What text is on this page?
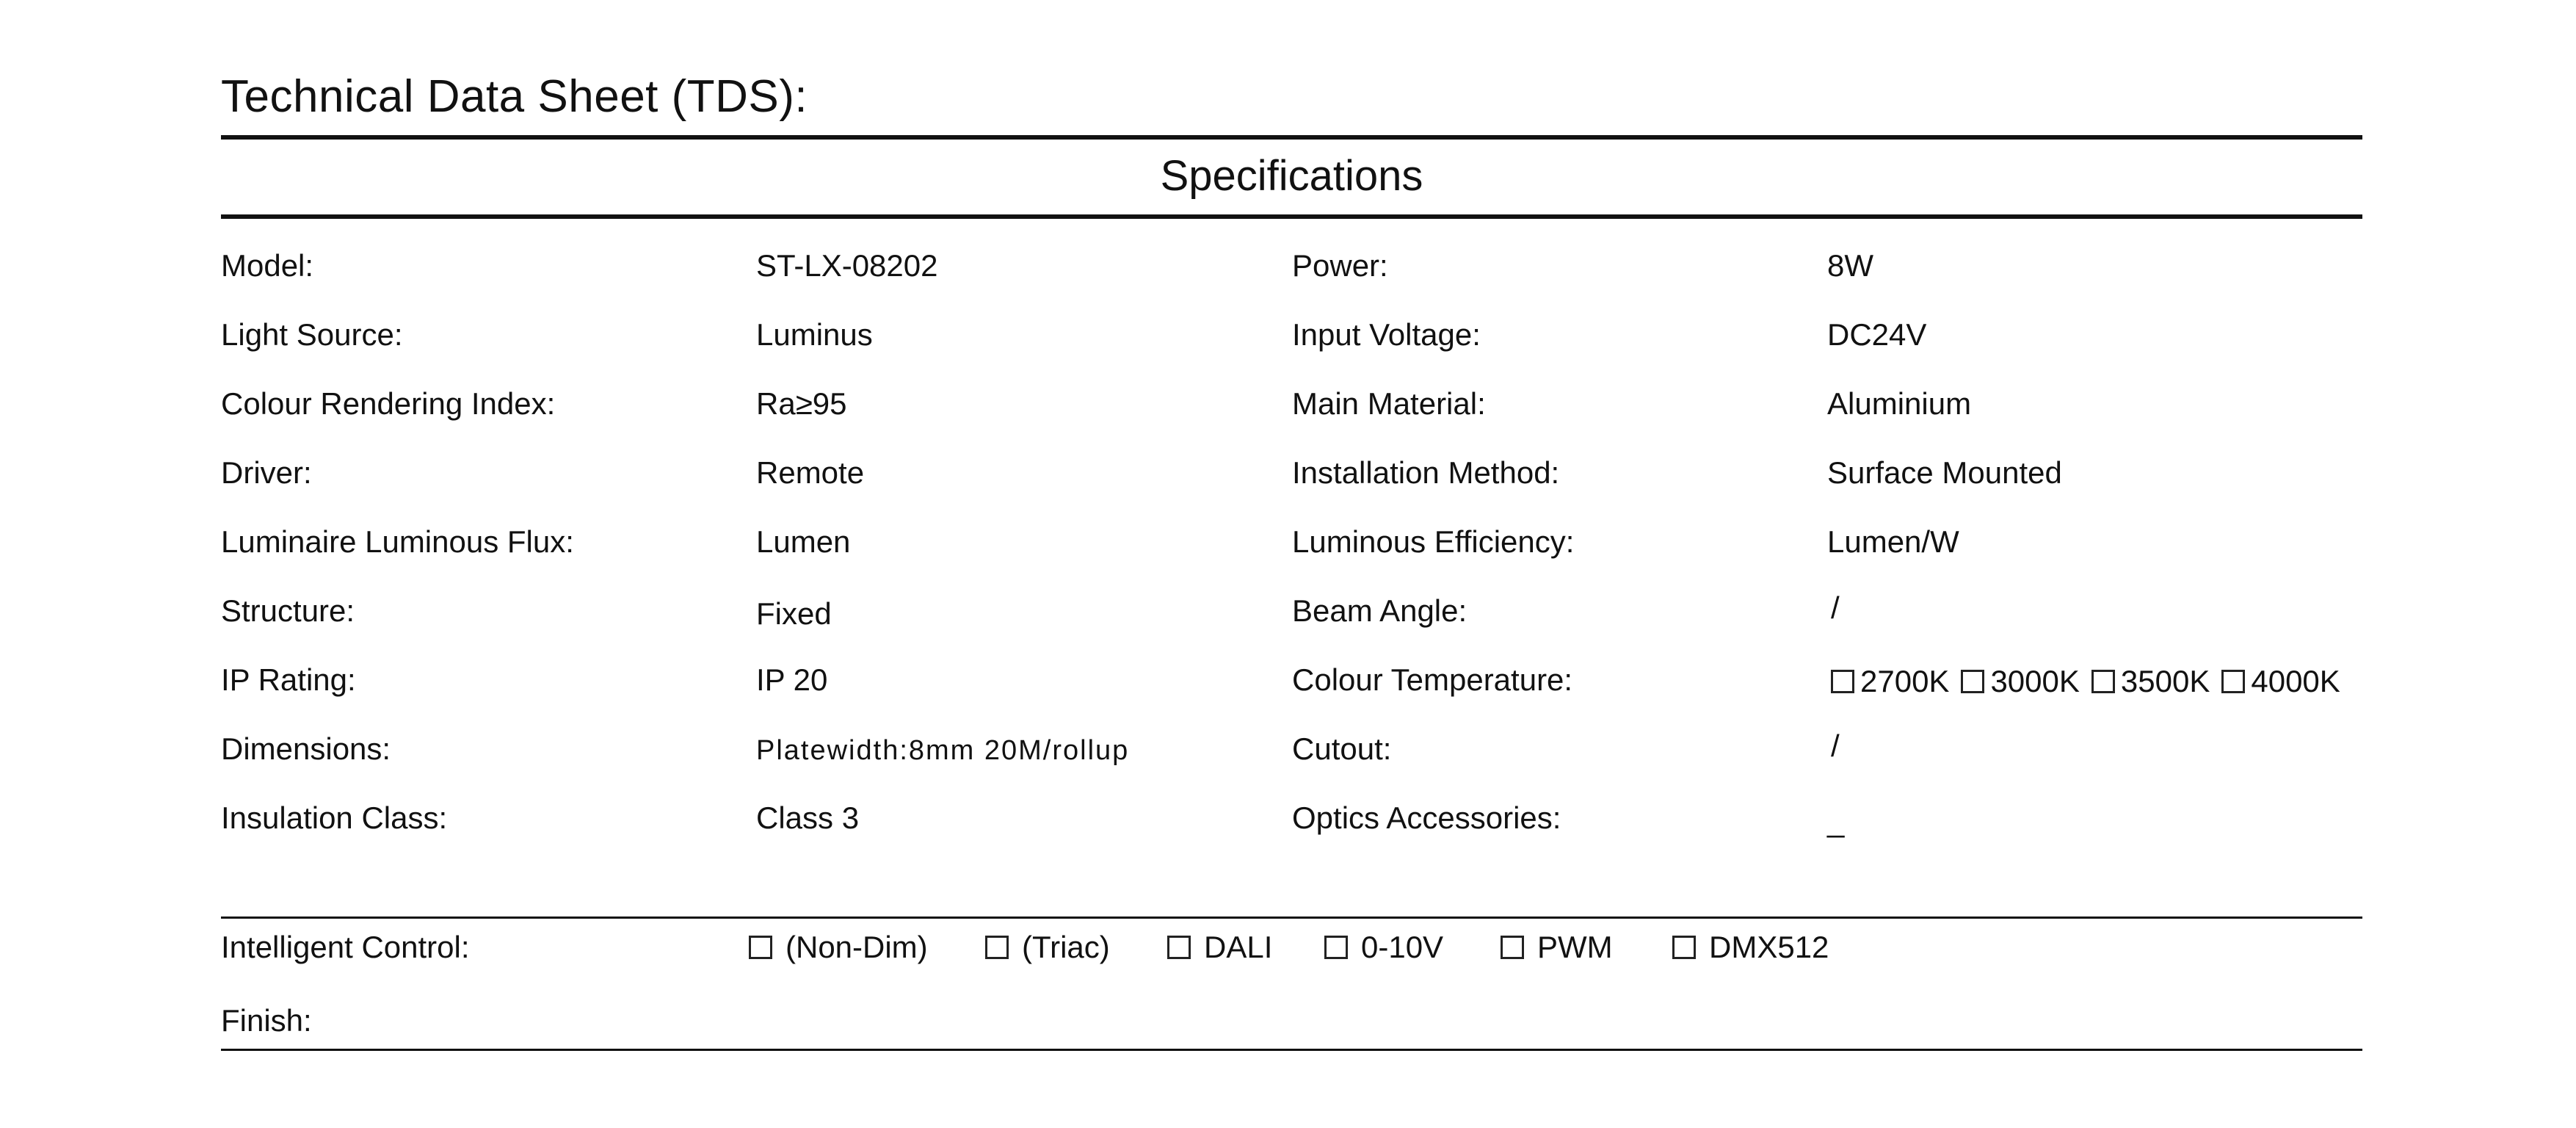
Technical Data Sheet (TDS):
Specifications
Model:	ST-LX-08202
Light Source:	Luminus
Colour Rendering Index:	Ra≥95
Driver:	Remote
Luminaire Luminous Flux:	Lumen
Structure:	Fixed
IP Rating:	IP 20
Dimensions:	Platewidth:8mm 20M/rollup
Insulation Class:	Class 3
Power:	8W
Input Voltage:	DC24V
Main Material:	Aluminium
Installation Method:	Surface Mounted
Luminous Efficiency:	Lumen/W
Beam Angle:	/
Colour Temperature:	2700K 3000K 3500K 4000K
Cutout:	/
Optics Accessories:	_
Intelligent Control:	(Non-Dim)	(Triac)	DALI	0-10V	PWM	DMX512
Finish:
